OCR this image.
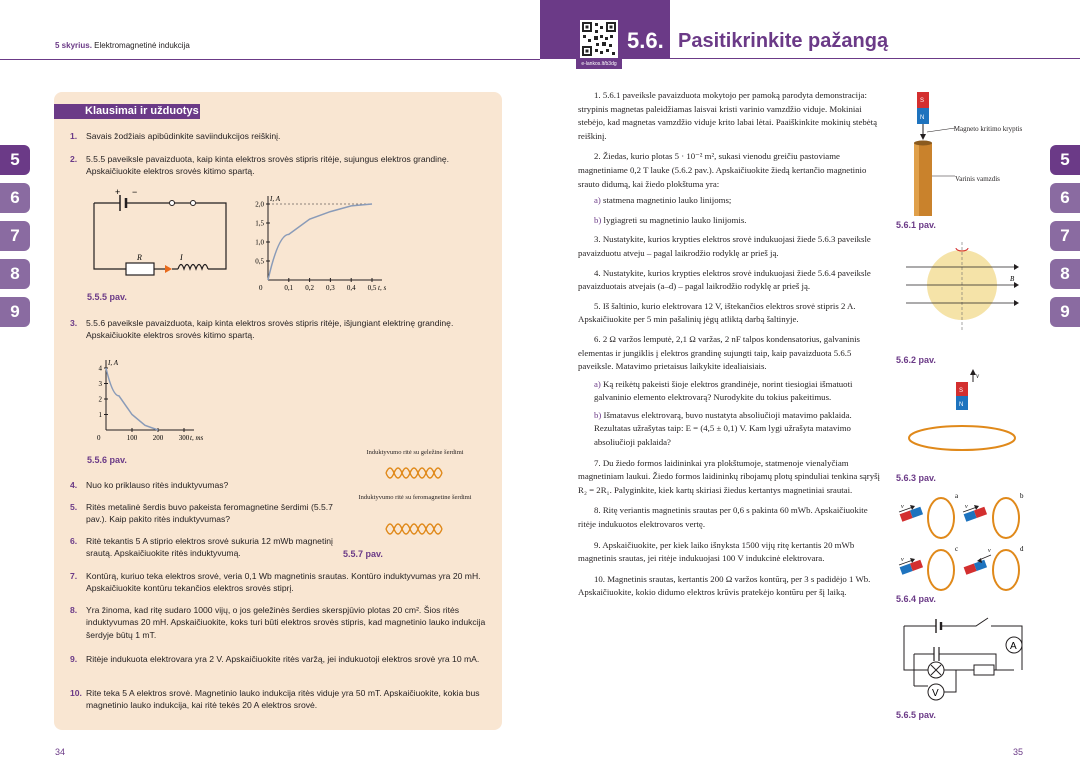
5 skyrius. Elektromagnetinė indukcija
e-lankos.lt/b3dg
5.6. Pasitikrinkite pažangą
5
6
7
8
9
5
6
7
8
9
Klausimai ir užduotys
1.	Savais žodžiais apibūdinkite saviindukcijos reiškinį.
2.	5.5.5 paveiksle pavaizduota, kaip kinta elektros srovės stipris ritėje, sujungus elektros grandinę. Apskaičiuokite elektros srovės kitimo spartą.
+ −
R	I
I, A
t, s
0
0,5
1,0
1,5
2,0
0,1 0,2 0,3 0,4 0,5
5.5.5 pav.
3.	5.5.6 paveiksle pavaizduota, kaip kinta elektros srovės stipris ritėje, išjungiant elektrinę grandinę. Apskaičiuokite elektros srovės kitimo spartą.
I, A
t, ms
0
1
2
3
4
100 200 300
5.5.6 pav.
4.	Nuo ko priklauso ritės induktyvumas?
5.	Ritės metalinė šerdis buvo pakeista feromagnetine šerdimi (5.5.7 pav.). Kaip pakito ritės induktyvumas?
6.	Ritė tekantis 5 A stiprio elektros srovė sukuria 12 mWb magnetinį srautą. Apskaičiuokite ritės induktyvumą.
Induktyvumo ritė su geležine šerdimi
Induktyvumo ritė su feromagnetine šerdimi
5.5.7 pav.
7.	Kontūrą, kuriuo teka elektros srovė, veria 0,1 Wb magnetinis srautas. Kontūro induktyvumas yra 20 mH. Apskaičiuokite kontūru tekančios elektros srovės stiprį.
8.	Yra žinoma, kad ritę sudaro 1000 vijų, o jos geležinės šerdies skerspjūvio plotas 20 cm². Šios ritės induktyvumas 20 mH. Apskaičiuokite, koks turi būti elektros srovės stipris, kad magnetinio lauko indukcija šerdyje būtų 1 mT.
9.	Ritėje indukuota elektrovara yra 2 V. Apskaičiuokite ritės varžą, jei indukuotoji elektros srovė yra 10 mA.
10. Rite teka 5 A elektros srovė. Magnetinio lauko indukcija ritės viduje yra 50 mT. Apskaičiuokite, kokia bus magnetinio lauko indukcija, kai ritė tekės 20 A elektros srovė.
34

1. 5.6.1 paveiksle pavaizduota mokytojo per pamoką parodyta demonstracija: strypinis magnetas paleidžiamas laisvai kristi varinio vamzdžio viduje. Mokiniai stebėjo, kad magnetas vamzdžio viduje krito labai lėtai. Paaiškinkite mokinių stebėtą reiškinį.

2. Žiedas, kurio plotas 5 · 10⁻² m², sukasi vienodu greičiu pastoviame magnetiniame 0,2 T lauke (5.6.2 pav.). Apskaičiuokite žiedą kertančio magnetinio srauto didumą, kai žiedo plokštuma yra:

a) statmena magnetinio lauko linijoms;

b) lygiagreti su magnetinio lauko linijomis.

3. Nustatykite, kurios krypties elektros srovė indukuojasi žiede 5.6.3 paveiksle pavaizduotu atveju – pagal laikrodžio rodyklę ar prieš ją.

4. Nustatykite, kurios krypties elektros srovė indukuojasi žiede 5.6.4 paveiksle pavaizduotais atvejais (a–d) – pagal laikrodžio rodyklę ar prieš ją.

5. Iš šaltinio, kurio elektrovara 12 V, ištekančios elektros srovė stipris 2 A. Apskaičiuokite per 5 min pašalinių jėgų atliktą darbą šaltinyje.

6. 2 Ω varžos lemputė, 2,1 Ω varžas, 2 nF talpos kondensatorius, galvaninis elementas ir jungiklis į elektros grandinę sujungti taip, kaip pavaizduota 5.6.5 paveiksle. Matavimo prietaisus laikykite idealiaisiais.

a) Ką reikėtų pakeisti šioje elektros grandinėje, norint tiesiogiai išmatuoti galvaninio elemento elektrovarą? Nurodykite du tokius pakeitimus.

b) Išmatavus elektrovarą, buvo nustatyta absoliučioji matavimo paklaida. Rezultatas užrašytas taip: E = (4,5 ± 0,1) V. Kam lygi užrašyta matavimo absoliučioji paklaida?

7. Du žiedo formos laidininkai yra plokštumoje, statmenoje vienalyčiam magnetiniam laukui. Žiedo formos laidininkų ribojamų plotų spinduliai tenkina sąryšį R₂ = 2R₁. Palyginkite, kiek kartų skiriasi žiedus kertantys magnetiniai srautai.

8. Ritę veriantis magnetinis srautas per 0,6 s pakinta 60 mWb. Apskaičiuokite ritėje indukuotos elektrovaros vertę.

9. Apskaičiuokite, per kiek laiko išnyksta 1500 vijų ritę kertantis 20 mWb magnetinis srautas, jei ritėje indukuojasi 100 V indukcinė elektrovara.

10. Magnetinis srautas, kertantis 200 Ω varžos kontūrą, per 3 s padidėjo 1 Wb. Apskaičiuokite, kokio didumo elektros krūvis pratekėjo kontūru per šį laiką.

S
N
Magneto kritimo kryptis
Varinis vamzdis
5.6.1 pav.
B
5.6.2 pav.
v
S
N
5.6.3 pav.
a	b
c	d
v	v
v
v
5.6.4 pav.
A
V
5.6.5 pav.
35
